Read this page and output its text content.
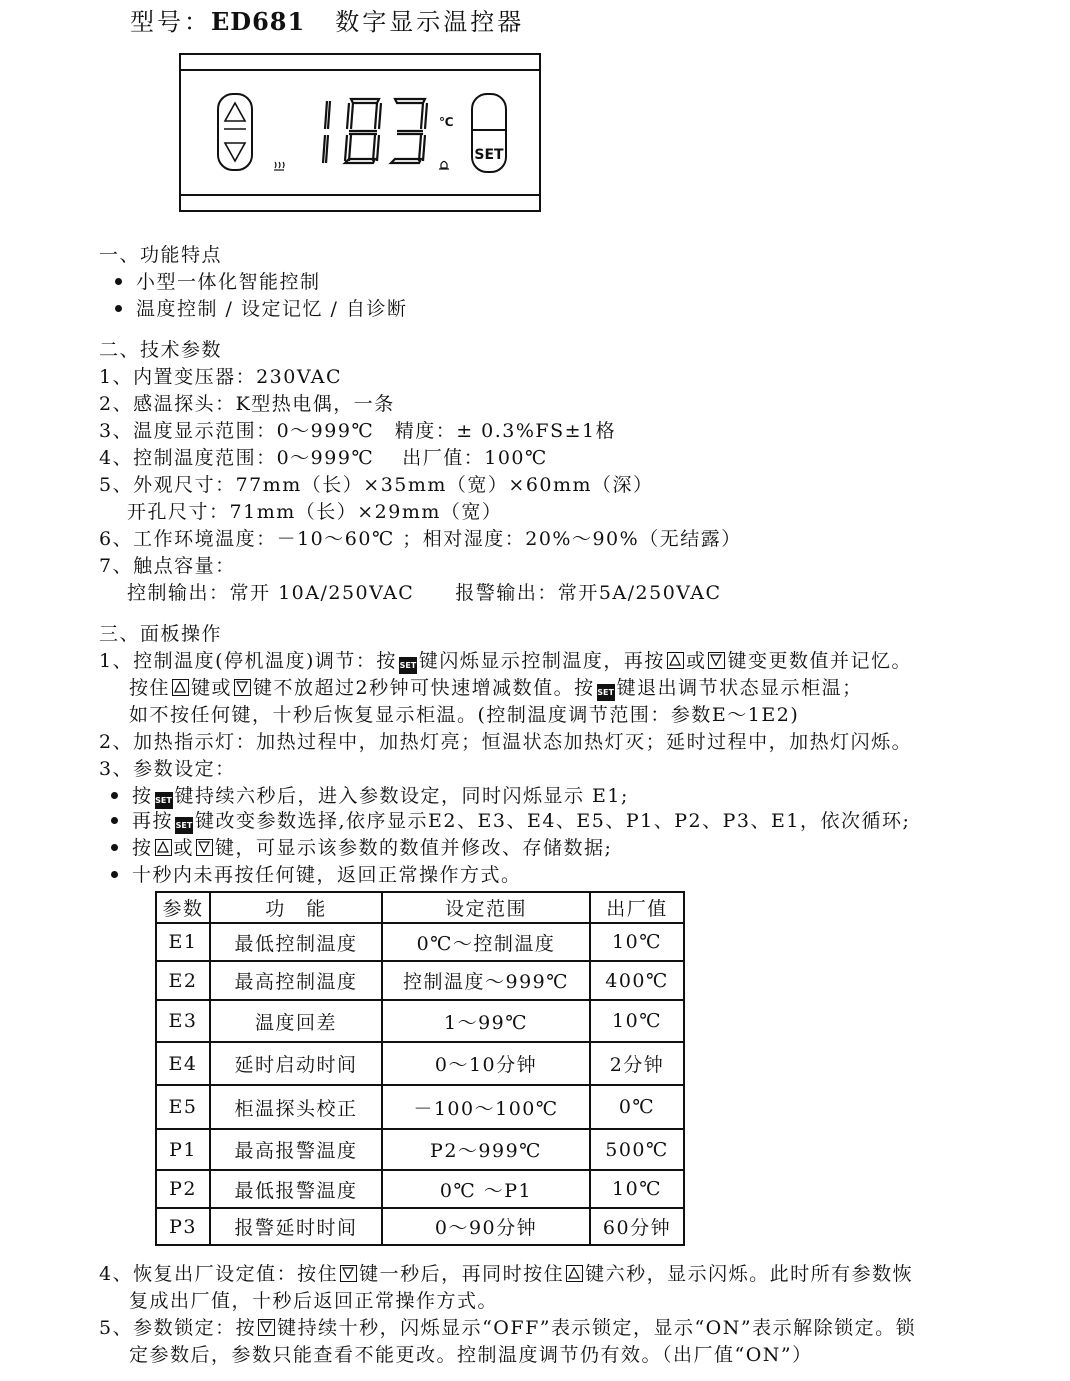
型号：ED681 数字显示温控器
℃
SET
一、功能特点
小型一体化智能控制
温度控制 / 设定记忆 / 自诊断
二、技术参数
1、内置变压器：230VAC
2、感温探头：K型热电偶，一条
3、温度显示范围：0～999℃　精度：± 0.3%FS±1格
4、控制温度范围：0～999℃　 出厂值：100℃
5、外观尺寸：77mm（长）×35mm（宽）×60mm（深）
　 开孔尺寸：71mm（长）×29mm（宽）
6、工作环境温度：－10～60℃ ；相对湿度：20%～90%（无结露）
7、触点容量：
　 控制输出：常开 10A/250VAC　　报警输出：常开5A/250VAC
三、面板操作
1、控制温度(停机温度)调节：按 SET 键闪烁显示控制温度，再按 或 键变更数值并记忆。
按住 键或 键不放超过2秒钟可快速增减数值。按 SET 键退出调节状态显示柜温；
如不按任何键，十秒后恢复显示柜温。(控制温度调节范围：参数E～1E2)
2、加热指示灯：加热过程中，加热灯亮；恒温状态加热灯灭；延时过程中，加热灯闪烁。
3、参数设定：
按 SET 键持续六秒后，进入参数设定，同时闪烁显示 E1;
再按 SET 键改变参数选择,依序显示E2、E3、E4、E5、P1、P2、P3、E1，依次循环;
按 或 键，可显示该参数的数值并修改、存储数据;
十秒内未再按任何键，返回正常操作方式。
参数	功　能	设定范围	出厂值
E1	最低控制温度	0℃～控制温度	10℃
E2	最高控制温度	控制温度～999℃	400℃
E3	温度回差	1～99℃	10℃
E4	延时启动时间	0～10分钟	2分钟
E5	柜温探头校正	－100～100℃	0℃
P1	最高报警温度	P2～999℃	500℃
P2	最低报警温度	0℃ ～P1	10℃
P3	报警延时时间	0～90分钟	60分钟
4、恢复出厂设定值：按住 键一秒后，再同时按住 键六秒，显示闪烁。此时所有参数恢
复成出厂值，十秒后返回正常操作方式。
5、参数锁定：按 键持续十秒，闪烁显示“OFF”表示锁定，显示“ON”表示解除锁定。锁
定参数后，参数只能查看不能更改。控制温度调节仍有效。（出厂值“ON”）
